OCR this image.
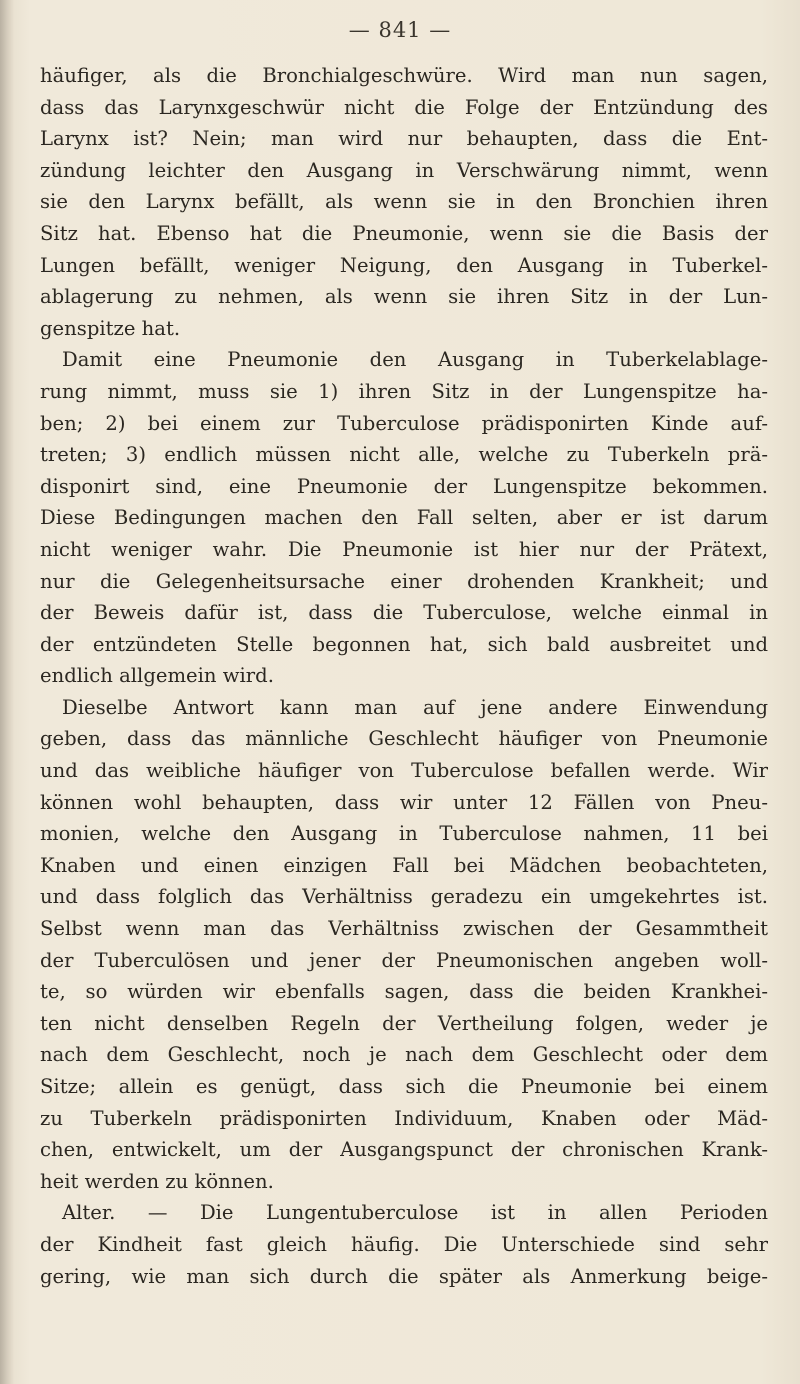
— 841 —
häufiger, als die Bronchialgeschwüre. Wird man nun sagen,
dass das Larynxgeschwür nicht die Folge der Entzündung des
Larynx ist? Nein; man wird nur behaupten, dass die Ent-
zündung leichter den Ausgang in Verschwärung nimmt, wenn
sie den Larynx befällt, als wenn sie in den Bronchien ihren
Sitz hat. Ebenso hat die Pneumonie, wenn sie die Basis der
Lungen befällt, weniger Neigung, den Ausgang in Tuberkel-
ablagerung zu nehmen, als wenn sie ihren Sitz in der Lun-
genspitze hat.
Damit eine Pneumonie den Ausgang in Tuberkelablage-
rung nimmt, muss sie 1) ihren Sitz in der Lungenspitze ha-
ben; 2) bei einem zur Tuberculose prädisponirten Kinde auf-
treten; 3) endlich müssen nicht alle, welche zu Tuberkeln prä-
disponirt sind, eine Pneumonie der Lungenspitze bekommen.
Diese Bedingungen machen den Fall selten, aber er ist darum
nicht weniger wahr. Die Pneumonie ist hier nur der Prätext,
nur die Gelegenheitsursache einer drohenden Krankheit; und
der Beweis dafür ist, dass die Tuberculose, welche einmal in
der entzündeten Stelle begonnen hat, sich bald ausbreitet und
endlich allgemein wird.
Dieselbe Antwort kann man auf jene andere Einwendung
geben, dass das männliche Geschlecht häufiger von Pneumonie
und das weibliche häufiger von Tuberculose befallen werde. Wir
können wohl behaupten, dass wir unter 12 Fällen von Pneu-
monien, welche den Ausgang in Tuberculose nahmen, 11 bei
Knaben und einen einzigen Fall bei Mädchen beobachteten,
und dass folglich das Verhältniss geradezu ein umgekehrtes ist.
Selbst wenn man das Verhältniss zwischen der Gesammtheit
der Tuberculösen und jener der Pneumonischen angeben woll-
te, so würden wir ebenfalls sagen, dass die beiden Krankhei-
ten nicht denselben Regeln der Vertheilung folgen, weder je
nach dem Geschlecht, noch je nach dem Geschlecht oder dem
Sitze; allein es genügt, dass sich die Pneumonie bei einem
zu Tuberkeln prädisponirten Individuum, Knaben oder Mäd-
chen, entwickelt, um der Ausgangspunct der chronischen Krank-
heit werden zu können.
Alter. — Die Lungentuberculose ist in allen Perioden
der Kindheit fast gleich häufig. Die Unterschiede sind sehr
gering, wie man sich durch die später als Anmerkung beige-
